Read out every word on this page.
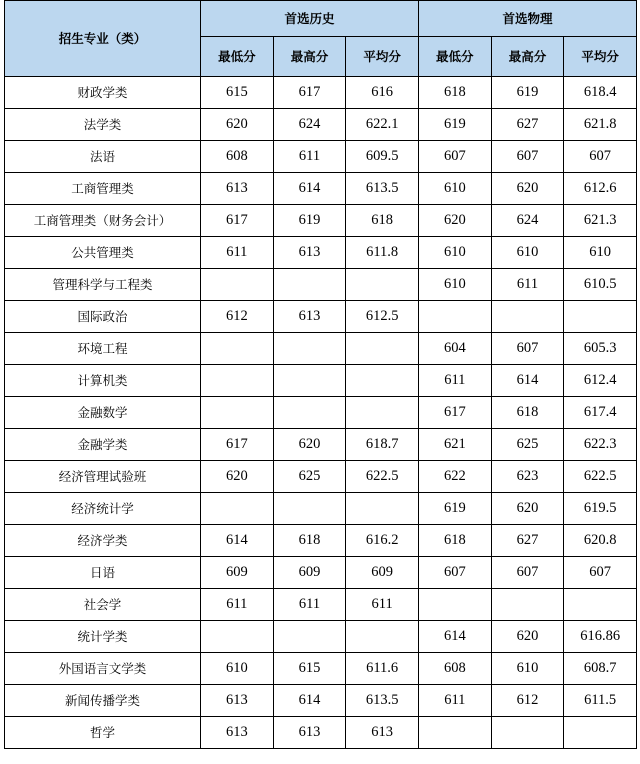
招生专业（类）	首选历史			首选物理		
	最低分	最高分	平均分	最低分	最高分	平均分
财政学类	615	617	616	618	619	618.4
法学类	620	624	622.1	619	627	621.8
法语	608	611	609.5	607	607	607
工商管理类	613	614	613.5	610	620	612.6
工商管理类（财务会计）	617	619	618	620	624	621.3
公共管理类	611	613	611.8	610	610	610
管理科学与工程类				610	611	610.5
国际政治	612	613	612.5			
环境工程				604	607	605.3
计算机类				611	614	612.4
金融数学				617	618	617.4
金融学类	617	620	618.7	621	625	622.3
经济管理试验班	620	625	622.5	622	623	622.5
经济统计学				619	620	619.5
经济学类	614	618	616.2	618	627	620.8
日语	609	609	609	607	607	607
社会学	611	611	611			
统计学类				614	620	616.86
外国语言文学类	610	615	611.6	608	610	608.7
新闻传播学类	613	614	613.5	611	612	611.5
哲学	613	613	613			
